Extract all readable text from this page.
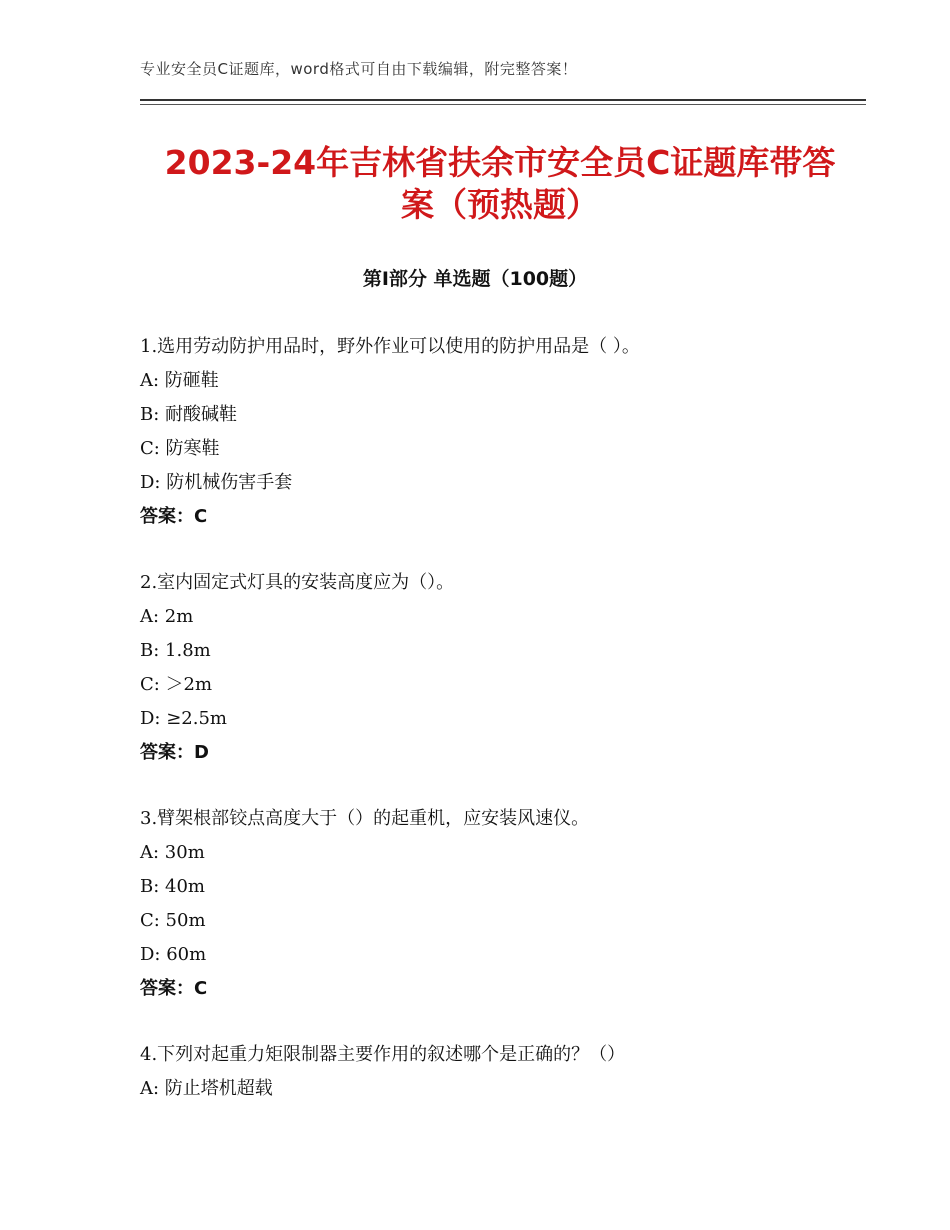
专业安全员C证题库，word格式可自由下载编辑，附完整答案！
2023-24年吉林省扶余市安全员C证题库带答
案（预热题）
第Ⅰ部分 单选题（100题）
1.选用劳动防护用品时，野外作业可以使用的防护用品是（ ）。
A: 防砸鞋
B: 耐酸碱鞋
C: 防寒鞋
D: 防机械伤害手套
答案：C
2.室内固定式灯具的安装高度应为（）。
A: 2m
B: 1.8m
C: ＞2m
D: ≥2.5m
答案：D
3.臂架根部铰点高度大于（）的起重机，应安装风速仪。
A: 30m
B: 40m
C: 50m
D: 60m
答案：C
4.下列对起重力矩限制器主要作用的叙述哪个是正确的？（）
A: 防止塔机超载
